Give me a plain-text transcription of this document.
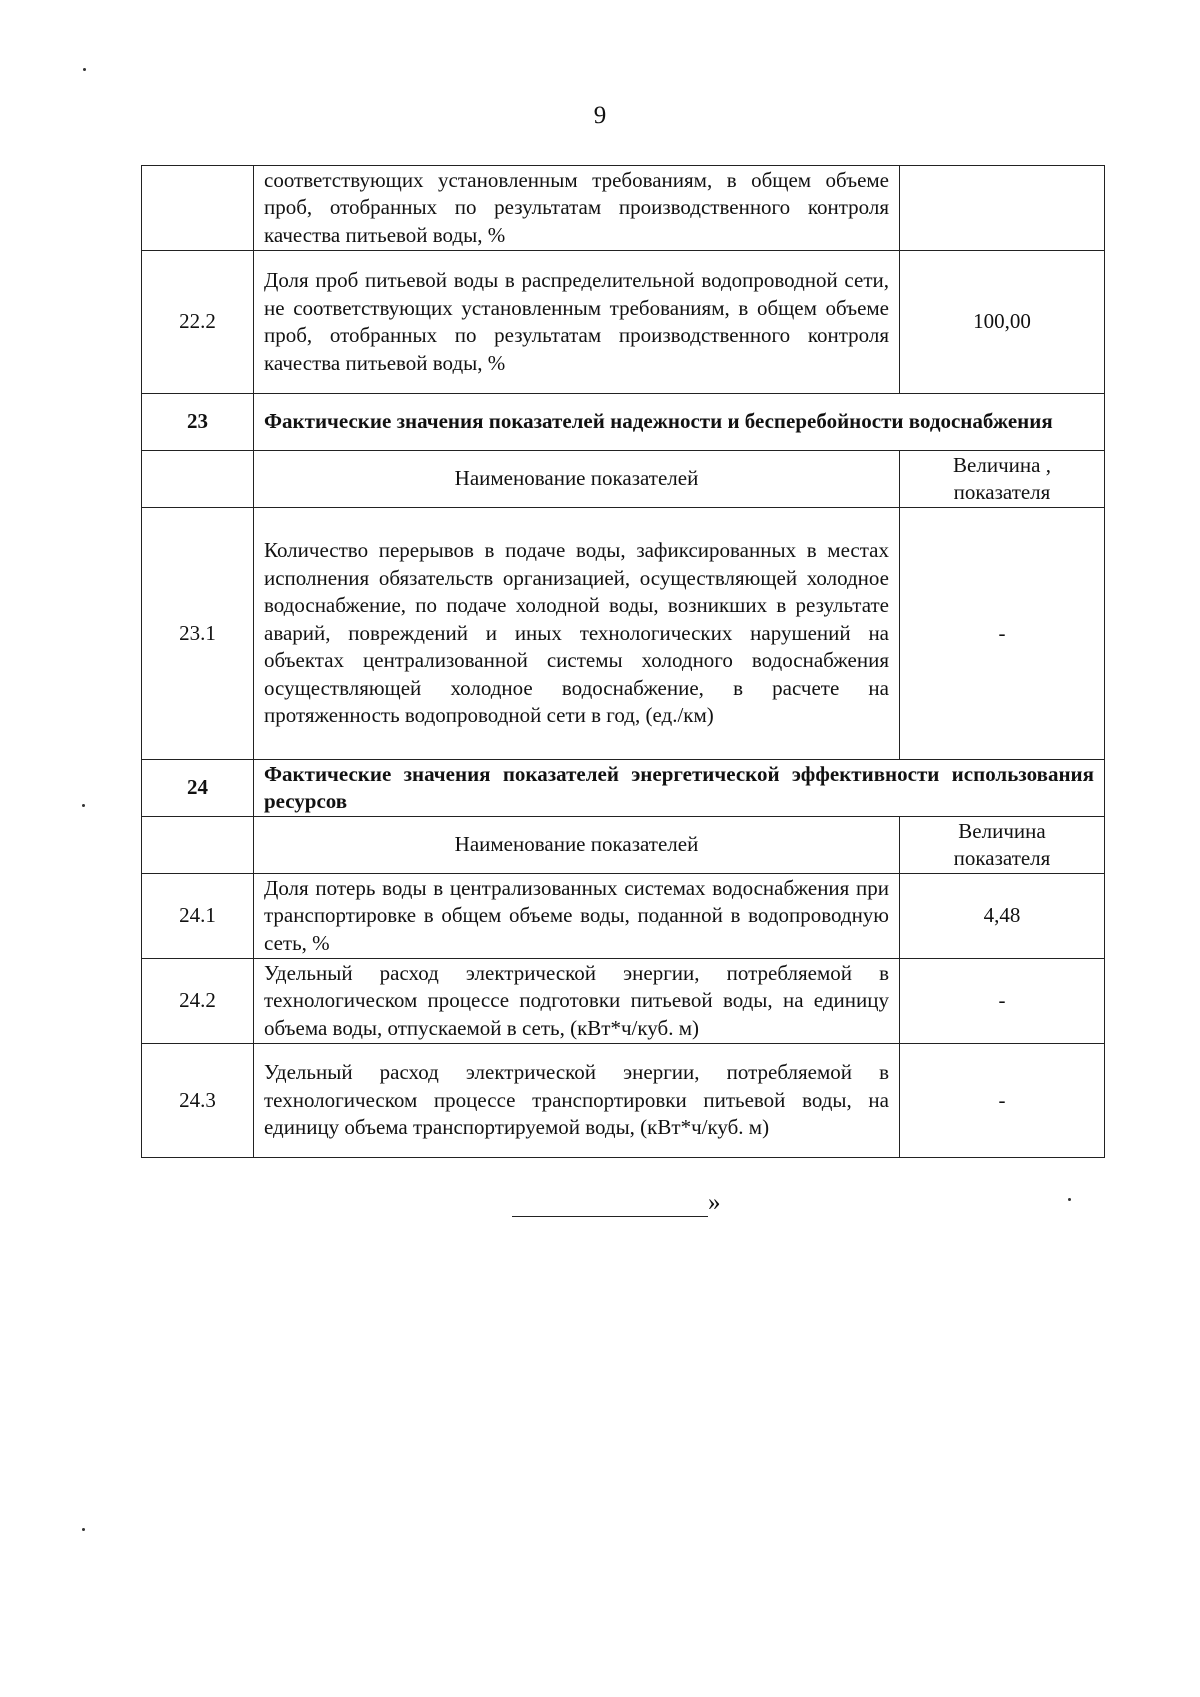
9
	соответствующих установленным требованиям, в общем объеме проб, отобранных по результатам производственного контроля качества питьевой воды, %	
22.2	Доля проб питьевой воды в распределительной водопроводной сети, не соответствующих установленным требованиям, в общем объеме проб, отобранных по результатам производственного контроля качества питьевой воды, %	100,00
23	Фактические значения показателей надежности и бесперебойности водоснабжения	
	Наименование показателей	Величина , показателя
23.1	Количество перерывов в подаче воды, зафиксированных в местах исполнения обязательств организацией, осуществляющей холодное водоснабжение, по подаче холодной воды, возникших в результате аварий, повреждений и иных технологических нарушений на объектах централизованной системы холодного водоснабжения осуществляющей холодное водоснабжение, в расчете на протяженность водопроводной сети в год, (ед./км)	-
24	Фактические значения показателей энергетической эффективности использования ресурсов	
	Наименование показателей	Величина показателя
24.1	Доля потерь воды в централизованных системах водоснабжения при транспортировке в общем объеме воды, поданной в водопроводную сеть, %	4,48
24.2	Удельный расход электрической энергии, потребляемой в технологическом процессе подготовки питьевой воды, на единицу объема воды, отпускаемой в сеть, (кВт*ч/куб. м)	-
24.3	Удельный расход электрической энергии, потребляемой в технологическом процессе транспортировки питьевой воды, на единицу объема транспортируемой воды, (кВт*ч/куб. м)	-
»
